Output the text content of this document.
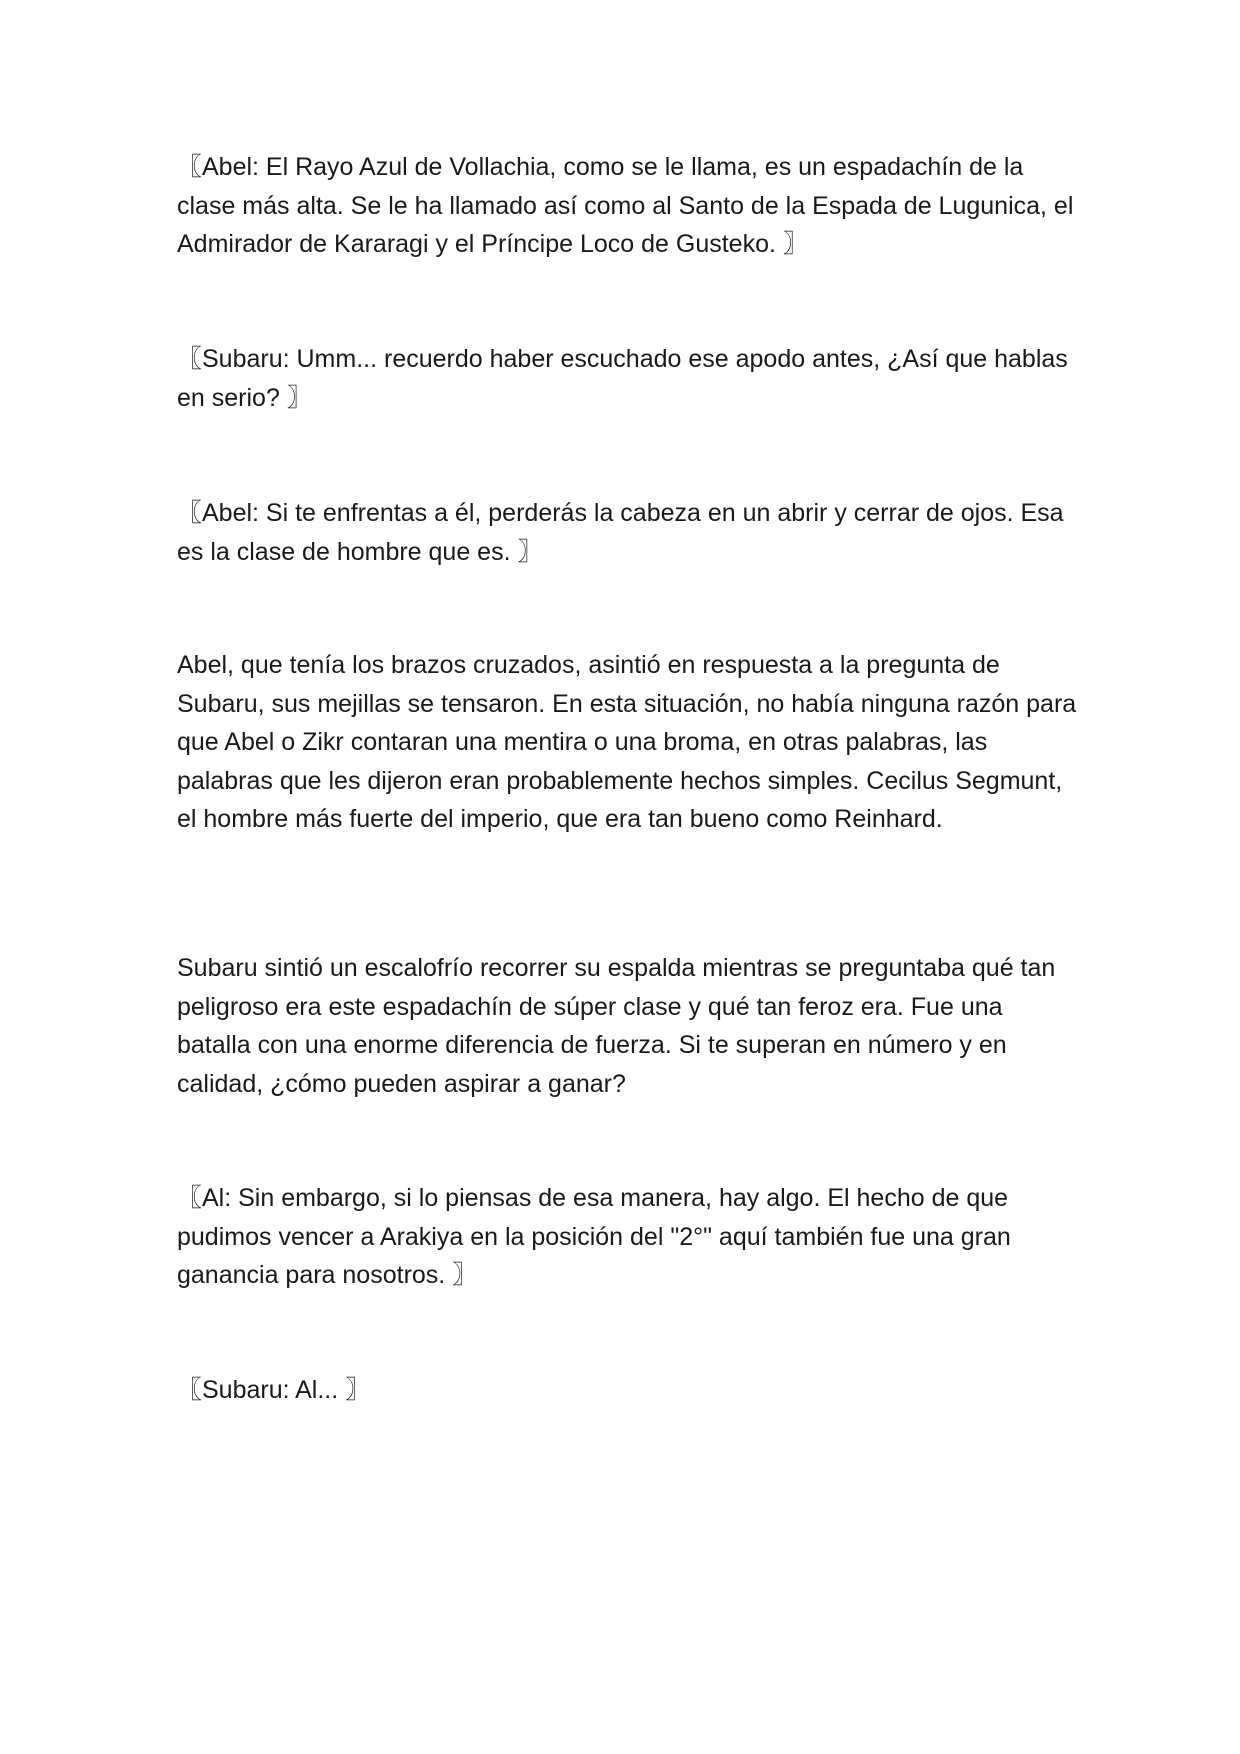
〖Abel: El Rayo Azul de Vollachia, como se le llama, es un espadachín de la clase más alta. Se le ha llamado así como al Santo de la Espada de Lugunica, el Admirador de Kararagi y el Príncipe Loco de Gusteko. 〗

〖Subaru: Umm... recuerdo haber escuchado ese apodo antes, ¿Así que hablas en serio? 〗

〖Abel: Si te enfrentas a él, perderás la cabeza en un abrir y cerrar de ojos. Esa es la clase de hombre que es. 〗

Abel, que tenía los brazos cruzados, asintió en respuesta a la pregunta de Subaru, sus mejillas se tensaron. En esta situación, no había ninguna razón para que Abel o Zikr contaran una mentira o una broma, en otras palabras, las palabras que les dijeron eran probablemente hechos simples. Cecilus Segmunt, el hombre más fuerte del imperio, que era tan bueno como Reinhard.

Subaru sintió un escalofrío recorrer su espalda mientras se preguntaba qué tan peligroso era este espadachín de súper clase y qué tan feroz era. Fue una batalla con una enorme diferencia de fuerza. Si te superan en número y en calidad, ¿cómo pueden aspirar a ganar?

〖Al: Sin embargo, si lo piensas de esa manera, hay algo. El hecho de que pudimos vencer a Arakiya en la posición del "2°" aquí también fue una gran ganancia para nosotros. 〗

〖Subaru: Al... 〗
